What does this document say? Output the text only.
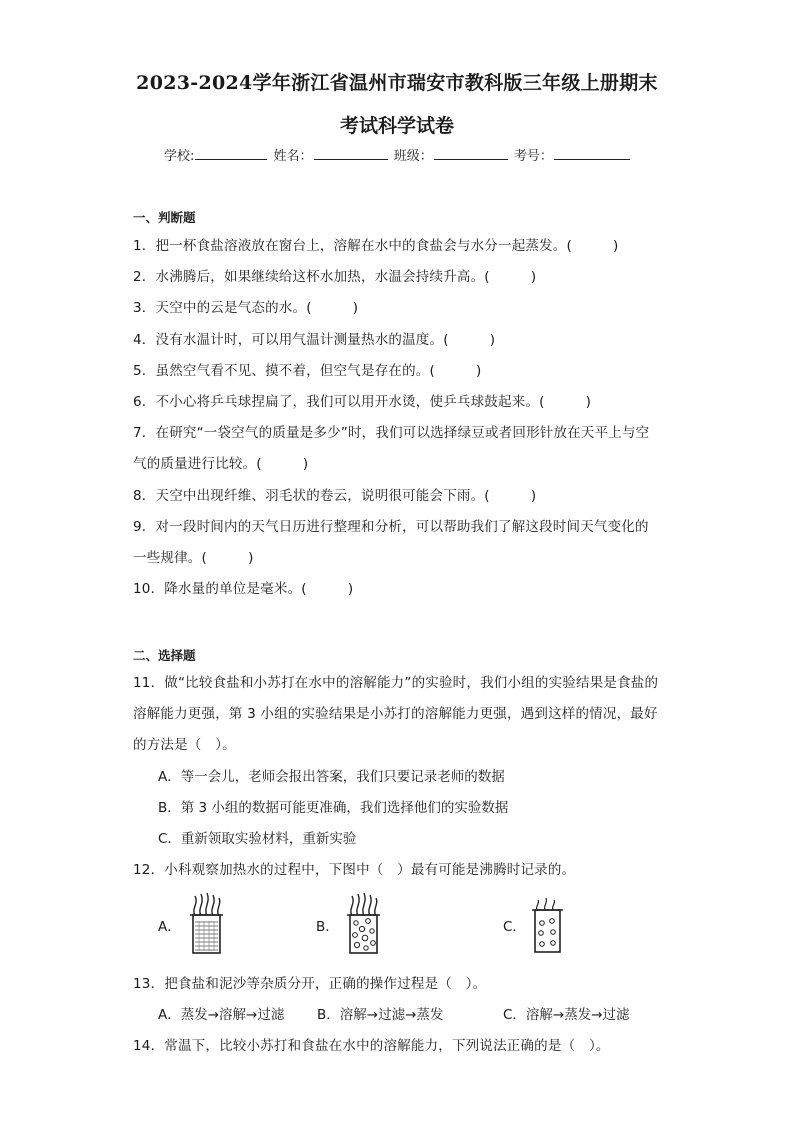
2023-2024学年浙江省温州市瑞安市教科版三年级上册期末
考试科学试卷
学校:	姓名：	班级：	考号：
一、判断题
1．把一杯食盐溶液放在窗台上，溶解在水中的食盐会与水分一起蒸发。(　　　)
2．水沸腾后，如果继续给这杯水加热，水温会持续升高。(　　　)
3．天空中的云是气态的水。(　　　)
4．没有水温计时，可以用气温计测量热水的温度。(　　　)
5．虽然空气看不见、摸不着，但空气是存在的。(　　　)
6．不小心将乒乓球捏扁了，我们可以用开水烫，使乒乓球鼓起来。(　　　)
7．在研究“一袋空气的质量是多少”时，我们可以选择绿豆或者回形针放在天平上与空
气的质量进行比较。(　　　)
8．天空中出现纤维、羽毛状的卷云，说明很可能会下雨。(　　　)
9．对一段时间内的天气日历进行整理和分析，可以帮助我们了解这段时间天气变化的
一些规律。(　　　)
10．降水量的单位是毫米。(　　　)
二、选择题
11．做“比较食盐和小苏打在水中的溶解能力”的实验时，我们小组的实验结果是食盐的
溶解能力更强，第 3 小组的实验结果是小苏打的溶解能力更强，遇到这样的情况，最好
的方法是（　）。
A．等一会儿，老师会报出答案，我们只要记录老师的数据
B．第 3 小组的数据可能更准确，我们选择他们的实验数据
C．重新领取实验材料，重新实验
12．小科观察加热水的过程中，下图中（　）最有可能是沸腾时记录的。
A．	B．	C．
13．把食盐和泥沙等杂质分开，正确的操作过程是（　）。
A．蒸发→溶解→过滤 B．溶解→过滤→蒸发	C．溶解→蒸发→过滤
14．常温下，比较小苏打和食盐在水中的溶解能力，下列说法正确的是（　）。
